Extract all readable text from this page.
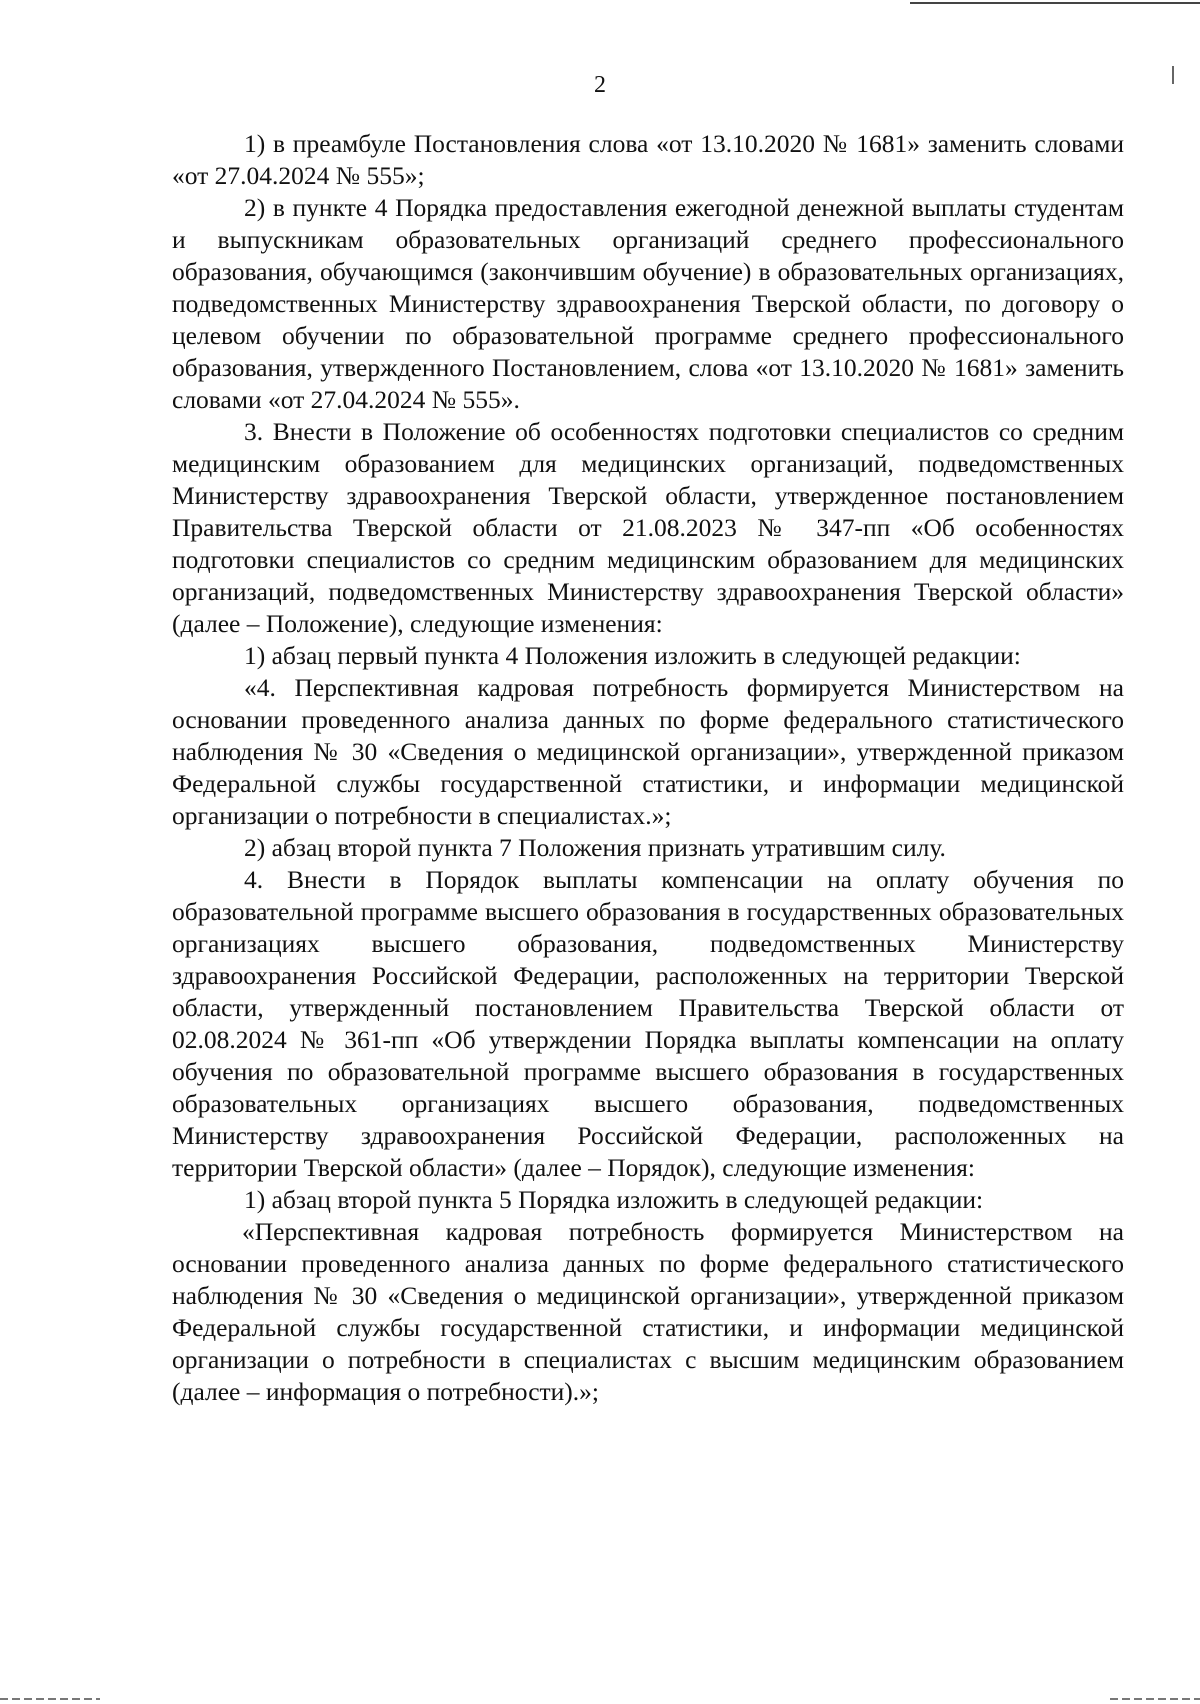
2

1) в преамбуле Постановления слова «от 13.10.2020 № 1681» заменить словами «от 27.04.2024 № 555»;

2) в пункте 4 Порядка предоставления ежегодной денежной выплаты студентам и выпускникам образовательных организаций среднего профессионального образования, обучающимся (закончившим обучение) в образовательных организациях, подведомственных Министерству здравоохранения Тверской области, по договору о целевом обучении по образовательной программе среднего профессионального образования, утвержденного Постановлением, слова «от 13.10.2020 № 1681» заменить словами «от 27.04.2024 № 555».

3. Внести в Положение об особенностях подготовки специалистов со средним медицинским образованием для медицинских организаций, подведомственных Министерству здравоохранения Тверской области, утвержденное постановлением Правительства Тверской области от 21.08.2023 № 347-пп «Об особенностях подготовки специалистов со средним медицинским образованием для медицинских организаций, подведомственных Министерству здравоохранения Тверской области» (далее – Положение), следующие изменения:

1) абзац первый пункта 4 Положения изложить в следующей редакции:

«4. Перспективная кадровая потребность формируется Министерством на основании проведенного анализа данных по форме федерального статистического наблюдения № 30 «Сведения о медицинской организации», утвержденной приказом Федеральной службы государственной статистики, и информации медицинской организации о потребности в специалистах.»;

2) абзац второй пункта 7 Положения признать утратившим силу.

4. Внести в Порядок выплаты компенсации на оплату обучения по образовательной программе высшего образования в государственных образовательных организациях высшего образования, подведомственных Министерству здравоохранения Российской Федерации, расположенных на территории Тверской области, утвержденный постановлением Правительства Тверской области от 02.08.2024 № 361-пп «Об утверждении Порядка выплаты компенсации на оплату обучения по образовательной программе высшего образования в государственных образовательных организациях высшего образования, подведомственных Министерству здравоохранения Российской Федерации, расположенных на территории Тверской области» (далее – Порядок), следующие изменения:

1) абзац второй пункта 5 Порядка изложить в следующей редакции:

«Перспективная кадровая потребность формируется Министерством на основании проведенного анализа данных по форме федерального статистического наблюдения № 30 «Сведения о медицинской организации», утвержденной приказом Федеральной службы государственной статистики, и информации медицинской организации о потребности в специалистах с высшим медицинским образованием (далее – информация о потребности).»;
